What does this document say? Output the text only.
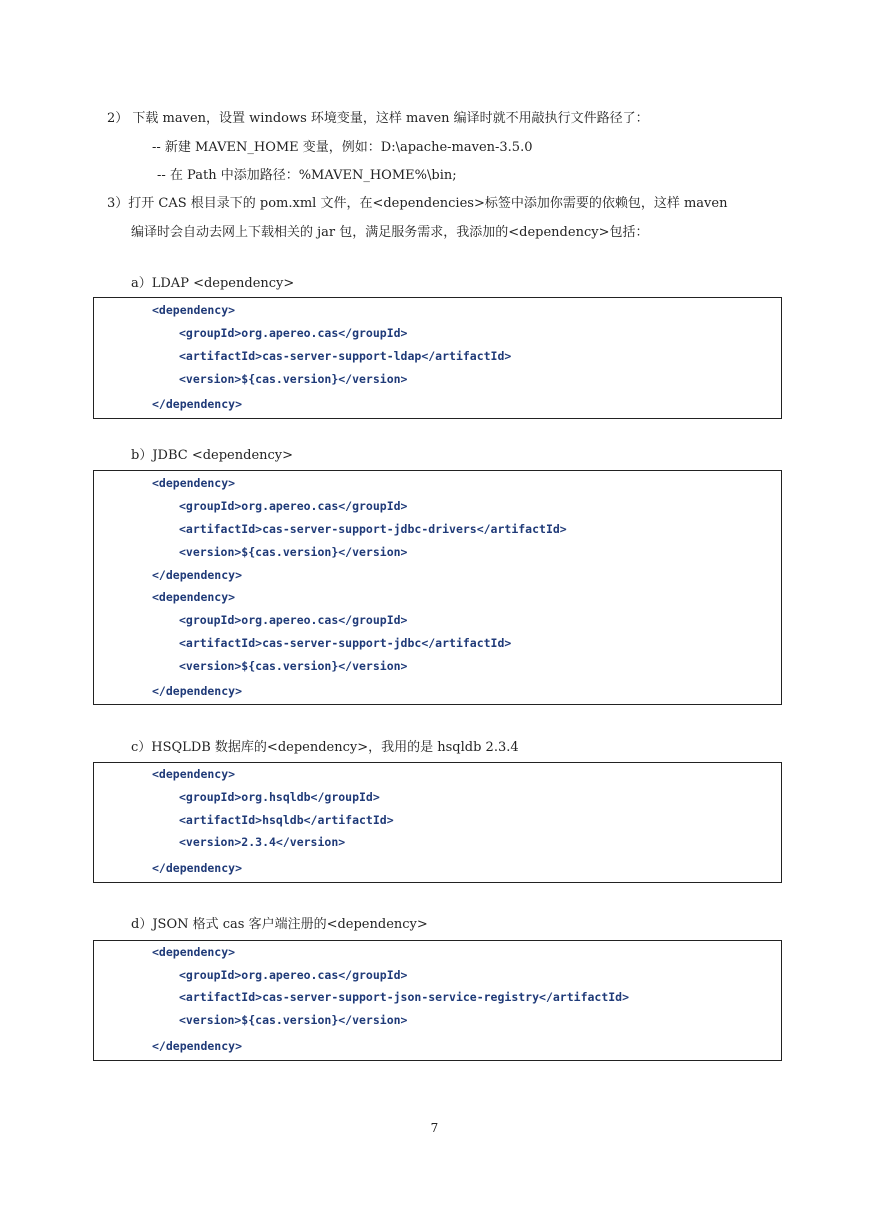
2） 下载 maven，设置 windows 环境变量，这样 maven 编译时就不用敲执行文件路径了：
-- 新建 MAVEN_HOME 变量，例如：D:\apache-maven-3.5.0
-- 在 Path 中添加路径：%MAVEN_HOME%\bin;
3）打开 CAS 根目录下的 pom.xml 文件，在<dependencies>标签中添加你需要的依赖包，这样 maven
编译时会自动去网上下载相关的 jar 包，满足服务需求，我添加的<dependency>包括：
a）LDAP <dependency>
<dependency>
<groupId>org.apereo.cas</groupId>
<artifactId>cas-server-support-ldap</artifactId>
<version>${cas.version}</version>
</dependency>
b）JDBC <dependency>
<dependency>
<groupId>org.apereo.cas</groupId>
<artifactId>cas-server-support-jdbc-drivers</artifactId>
<version>${cas.version}</version>
</dependency>
<dependency>
<groupId>org.apereo.cas</groupId>
<artifactId>cas-server-support-jdbc</artifactId>
<version>${cas.version}</version>
</dependency>
c）HSQLDB 数据库的<dependency>，我用的是 hsqldb 2.3.4
<dependency>
<groupId>org.hsqldb</groupId>
<artifactId>hsqldb</artifactId>
<version>2.3.4</version>
</dependency>
d）JSON 格式 cas 客户端注册的<dependency>
<dependency>
<groupId>org.apereo.cas</groupId>
<artifactId>cas-server-support-json-service-registry</artifactId>
<version>${cas.version}</version>
</dependency>
7
